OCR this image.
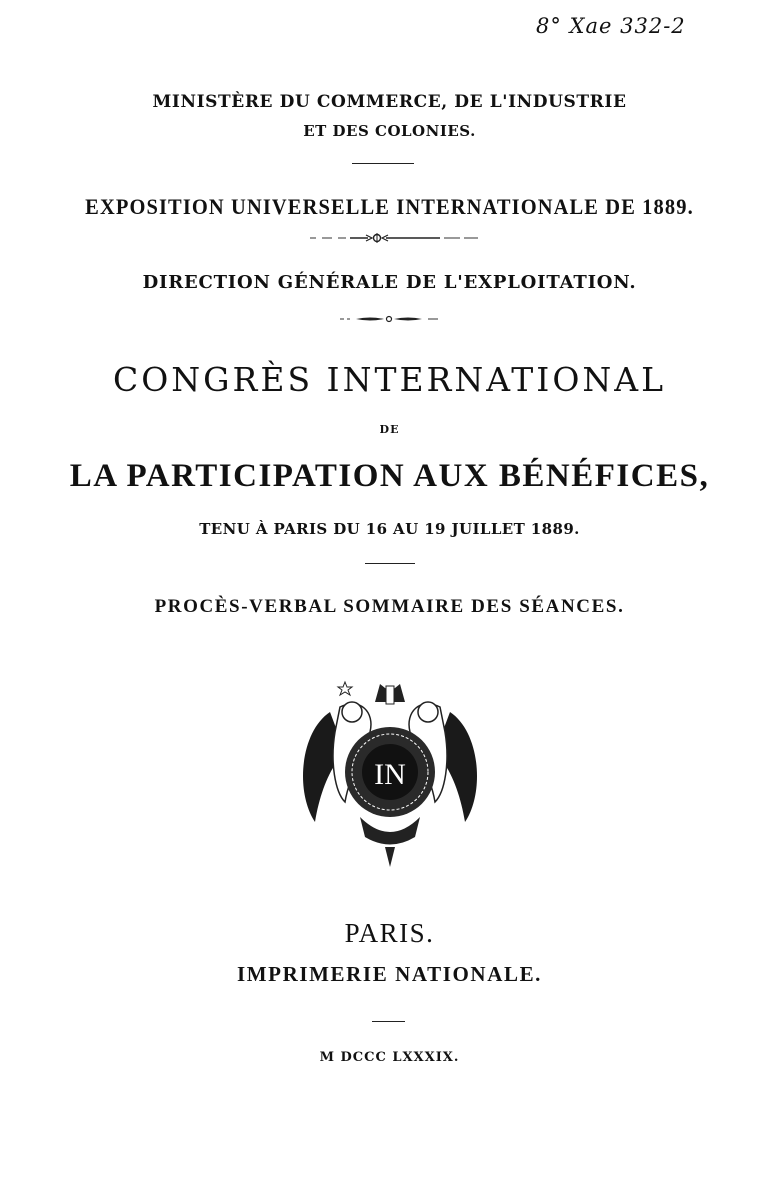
8° Xae 332-2
MINISTÈRE DU COMMERCE, DE L'INDUSTRIE
ET DES COLONIES.
EXPOSITION UNIVERSELLE INTERNATIONALE DE 1889.
DIRECTION GÉNÉRALE DE L'EXPLOITATION.
CONGRÈS INTERNATIONAL
DE
LA PARTICIPATION AUX BÉNÉFICES,
TENU À PARIS DU 16 AU 19 JUILLET 1889.
PROCÈS-VERBAL SOMMAIRE DES SÉANCES.
IN
PARIS.
IMPRIMERIE NATIONALE.
M DCCC LXXXIX.
